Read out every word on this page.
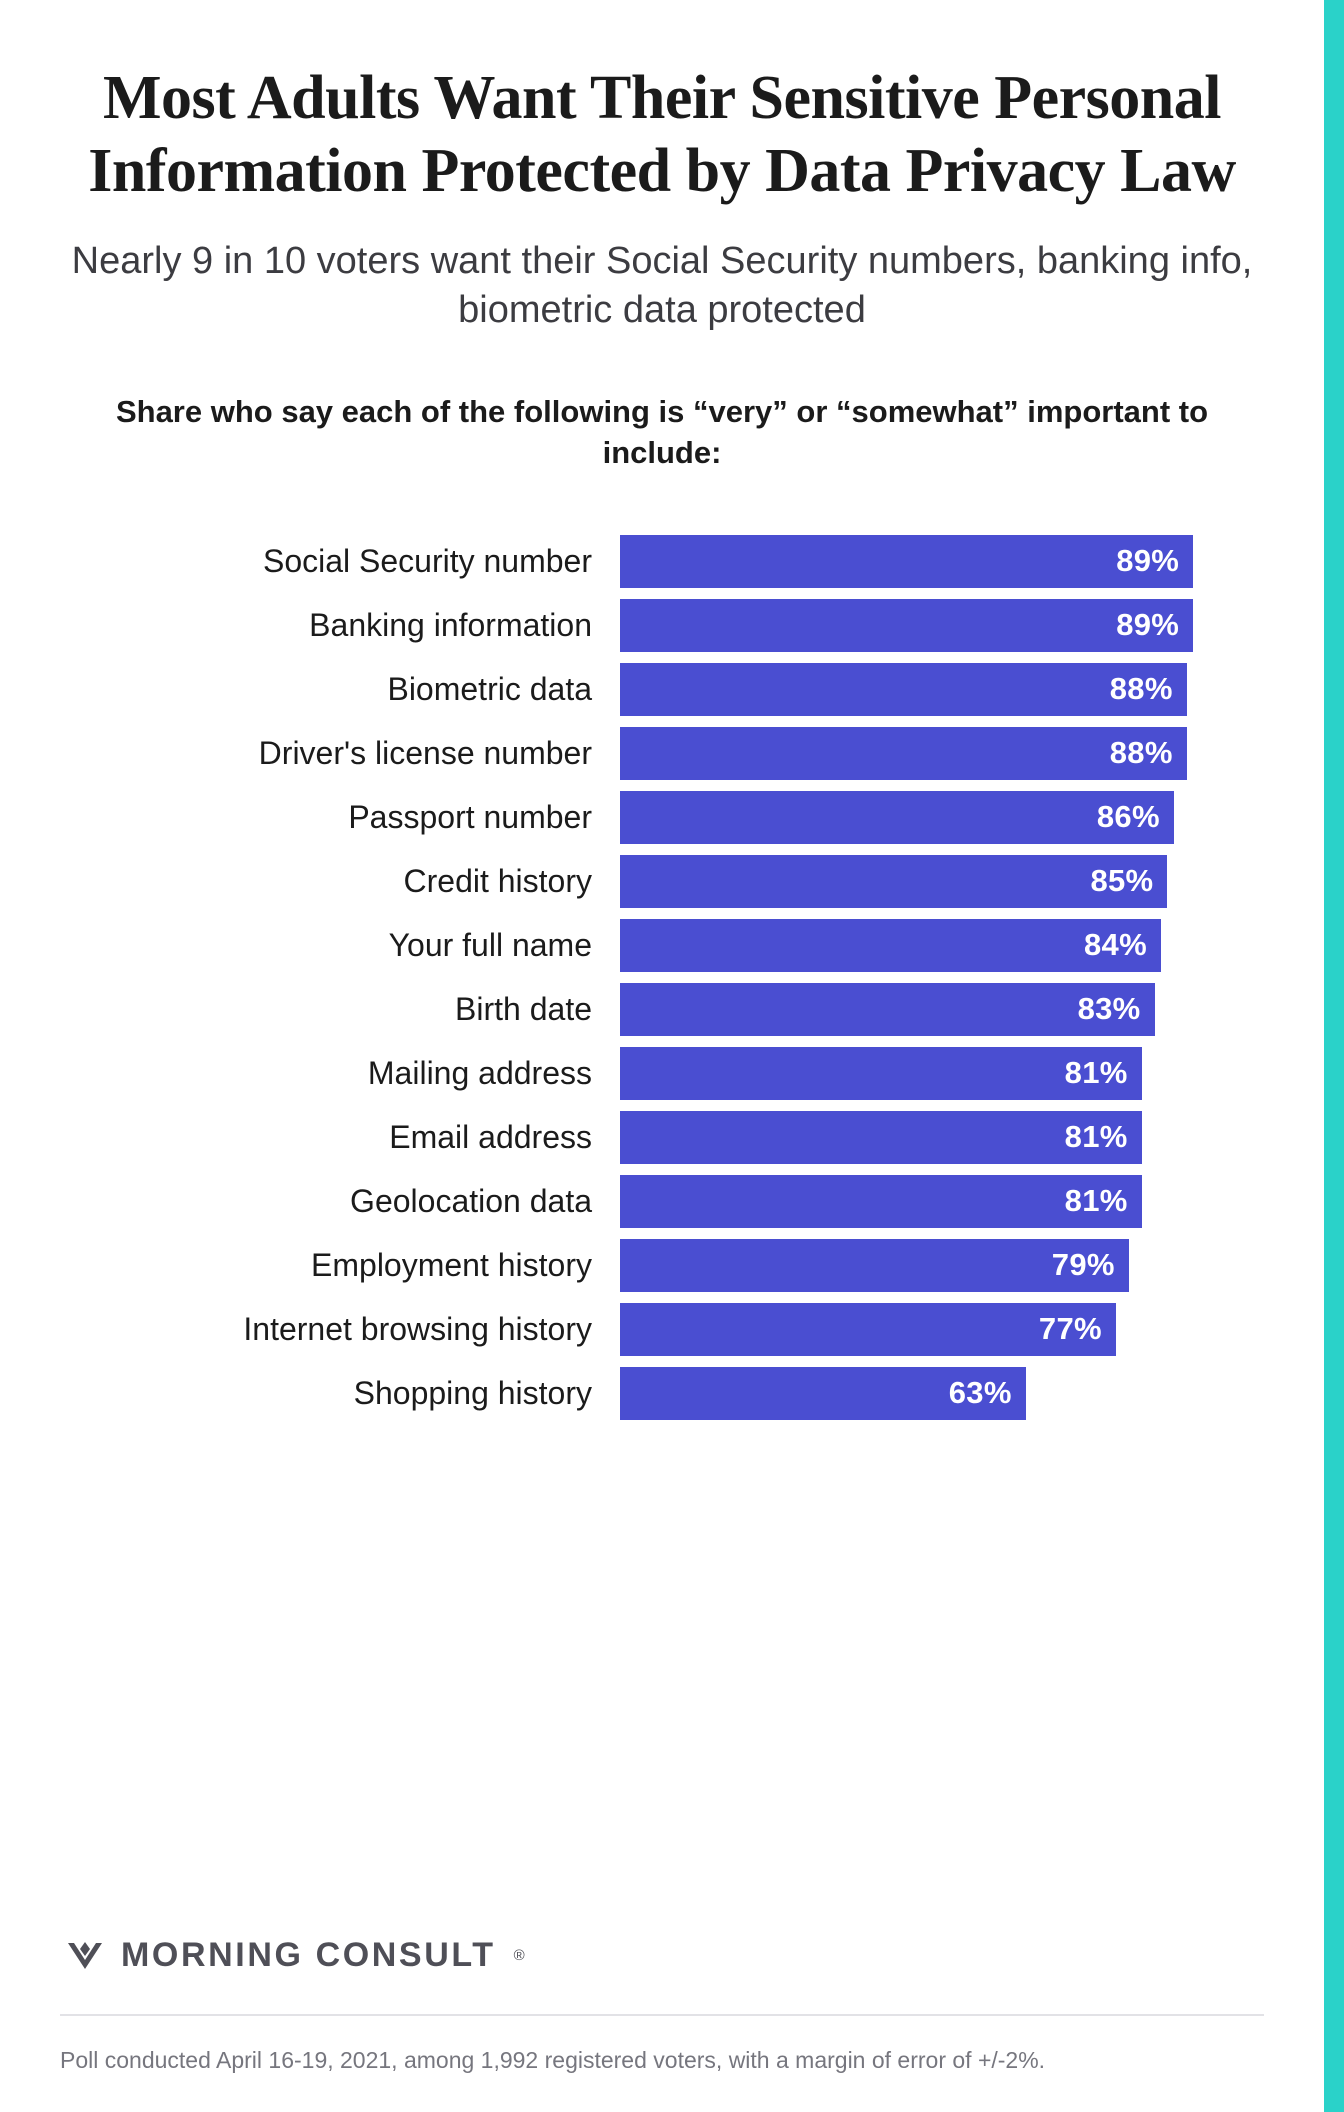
Most Adults Want Their Sensitive Personal Information Protected by Data Privacy Law

Nearly 9 in 10 voters want their Social Security numbers, banking info, biometric data protected

Share who say each of the following is “very” or “somewhat” important to include:

Social Security number	89%
Banking information	89%
Biometric data	88%
Driver's license number	88%
Passport number	86%
Credit history	85%
Your full name	84%
Birth date	83%
Mailing address	81%
Email address	81%
Geolocation data	81%
Employment history	79%
Internet browsing history	77%
Shopping history	63%
MORNING CONSULT ®
Poll conducted April 16-19, 2021, among 1,992 registered voters, with a margin of error of +/-2%.
